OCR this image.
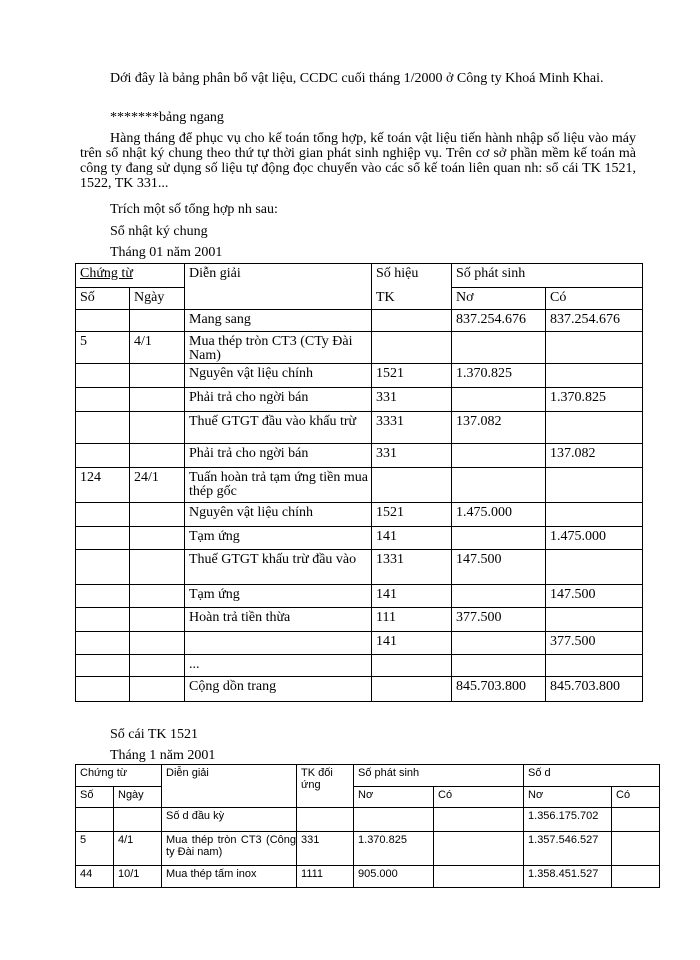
Dới đây là bảng phân bổ vật liệu, CCDC cuối tháng 1/2000 ở Công ty Khoá Minh Khai.

*******bảng ngang

Hàng tháng để phục vụ cho kế toán tổng hợp, kế toán vật liệu tiến hành nhập số liệu vào máy trên sổ nhật ký chung theo thứ tự thời gian phát sinh nghiệp vụ. Trên cơ sở phần mềm kế toán mà công ty đang sử dụng số liệu tự động đọc chuyển vào các sổ kế toán liên quan nh: sổ cái TK 1521, 1522, TK 331...

Trích một số tổng hợp nh sau:
Sổ nhật ký chung
Tháng 01 năm 2001
Chứng từ		Diễn giải	Số hiệu	Số phát sinh	
Số	Ngày		TK	Nơ	Có
		Mang sang		837.254.676	837.254.676
5	4/1	Mua thép tròn CT3 (CTy Đài Nam)			
		Nguyên vật liệu chính	1521	1.370.825	
		Phải trả cho ngời bán	331		1.370.825
		Thuế GTGT đầu vào khấu trừ	3331	137.082	
		Phải trả cho ngời bán	331		137.082
124	24/1	Tuấn hoàn trả tạm ứng tiền mua thép gốc			
		Nguyên vật liệu chính	1521	1.475.000	
		Tạm ứng	141		1.475.000
		Thuế GTGT khấu trừ đầu vào	1331	147.500	
		Tạm ứng	141		147.500
		Hoàn trả tiền thừa	111	377.500	
			141		377.500
		...			
		Cộng dồn trang		845.703.800	845.703.800
Sổ cái TK 1521
Tháng 1 năm 2001
Chứng từ		Diễn giải	TK đối ứng	Số phát sinh		Số d	
Số	Ngày			Nơ	Có	Nơ	Có
		Số d đầu kỳ				1.356.175.702	
5	4/1	Mua thép tròn CT3 (Công ty Đài nam)	331	1.370.825		1.357.546.527	
44	10/1	Mua thép tấm inox	1111	905.000		1.358.451.527	
